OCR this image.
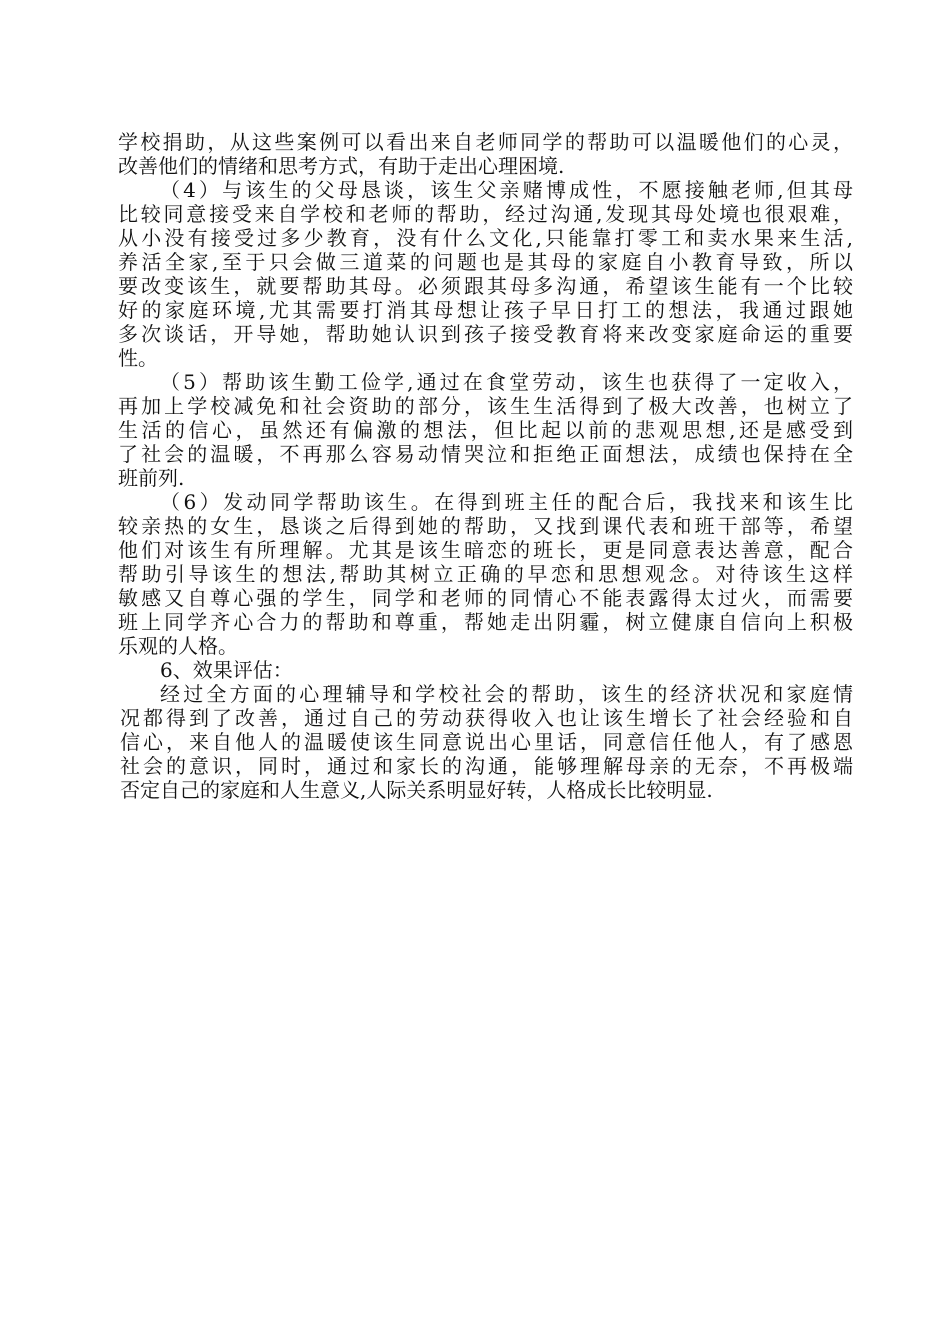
学校捐助，从这些案例可以看出来自老师同学的帮助可以温暖他们的心灵，
改善他们的情绪和思考方式，有助于走出心理困境.
（4）与该生的父母恳谈，该生父亲赌博成性，不愿接触老师,但其母
比较同意接受来自学校和老师的帮助，经过沟通,发现其母处境也很艰难，
从小没有接受过多少教育，没有什么文化,只能靠打零工和卖水果来生活,
养活全家,至于只会做三道菜的问题也是其母的家庭自小教育导致，所以
要改变该生，就要帮助其母。必须跟其母多沟通，希望该生能有一个比较
好的家庭环境,尤其需要打消其母想让孩子早日打工的想法，我通过跟她
多次谈话，开导她，帮助她认识到孩子接受教育将来改变家庭命运的重要
性。
（5）帮助该生勤工俭学,通过在食堂劳动，该生也获得了一定收入，
再加上学校减免和社会资助的部分，该生生活得到了极大改善，也树立了
生活的信心，虽然还有偏激的想法，但比起以前的悲观思想,还是感受到
了社会的温暖，不再那么容易动情哭泣和拒绝正面想法，成绩也保持在全
班前列.
（6）发动同学帮助该生。在得到班主任的配合后，我找来和该生比
较亲热的女生，恳谈之后得到她的帮助，又找到课代表和班干部等，希望
他们对该生有所理解。尤其是该生暗恋的班长，更是同意表达善意，配合
帮助引导该生的想法,帮助其树立正确的早恋和思想观念。对待该生这样
敏感又自尊心强的学生，同学和老师的同情心不能表露得太过火，而需要
班上同学齐心合力的帮助和尊重，帮她走出阴霾，树立健康自信向上积极
乐观的人格。
6、效果评估：
经过全方面的心理辅导和学校社会的帮助，该生的经济状况和家庭情
况都得到了改善，通过自己的劳动获得收入也让该生增长了社会经验和自
信心，来自他人的温暖使该生同意说出心里话，同意信任他人，有了感恩
社会的意识，同时，通过和家长的沟通，能够理解母亲的无奈，不再极端
否定自己的家庭和人生意义,人际关系明显好转，人格成长比较明显.
